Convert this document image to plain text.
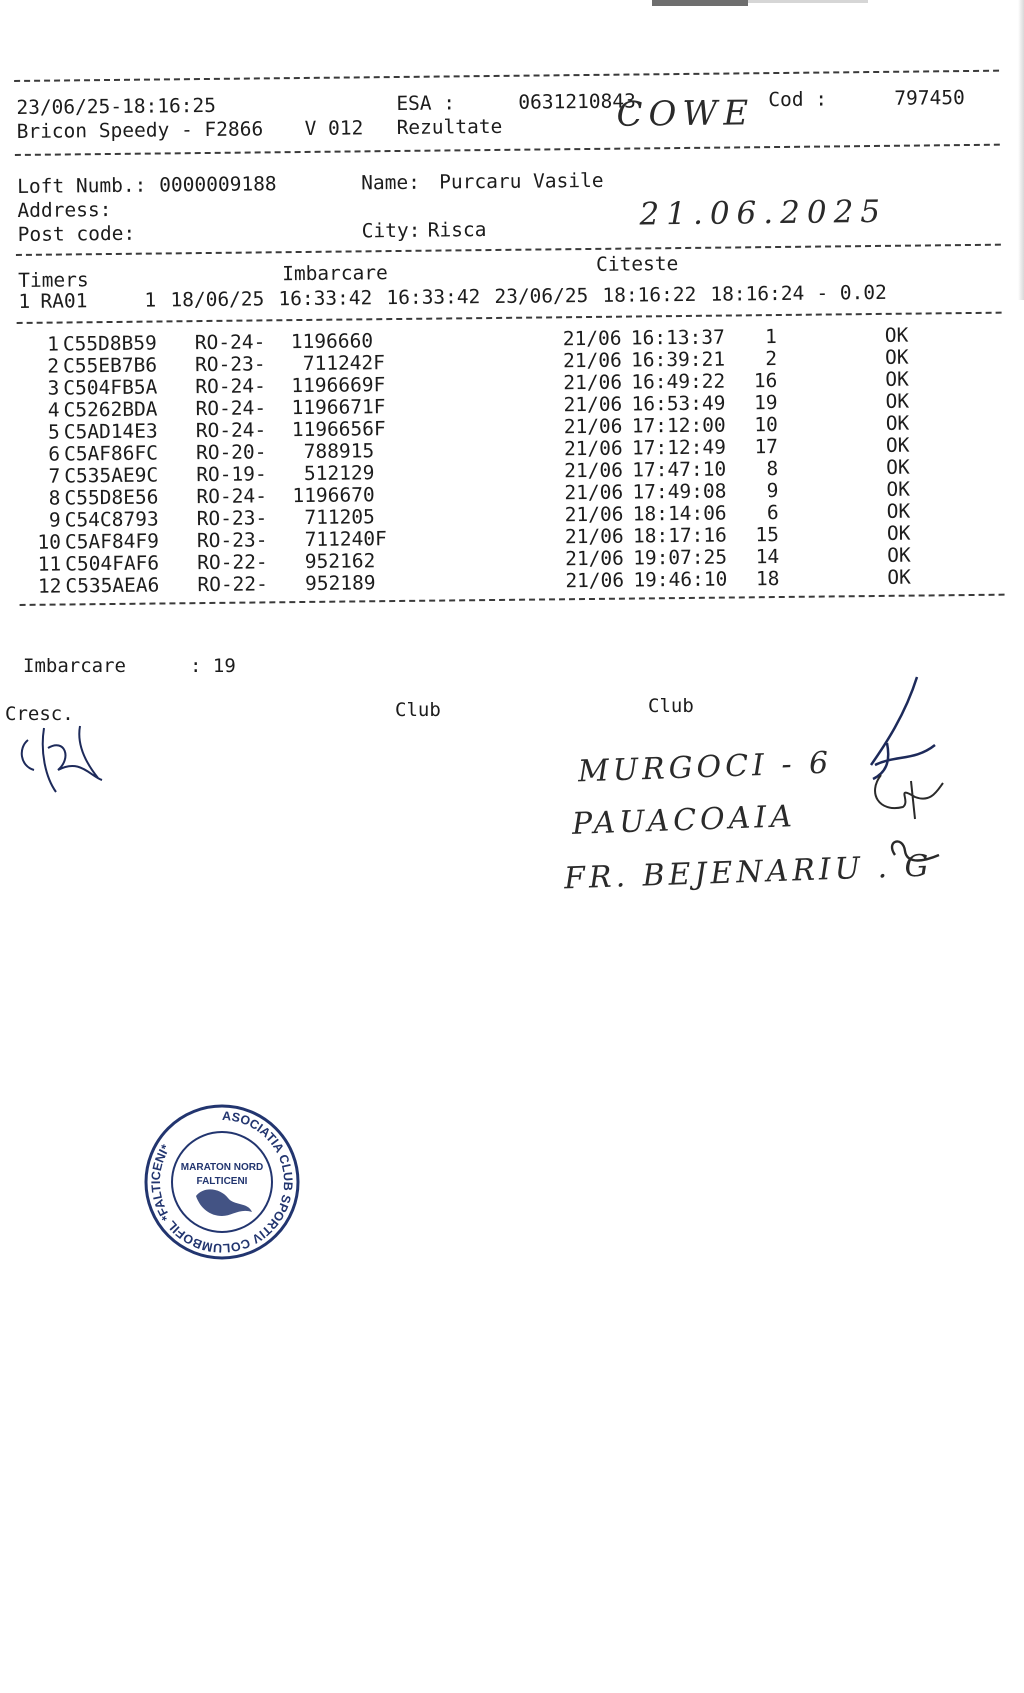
23/06/25-18:16:25	ESA :	0631210843	Cod :	797450
Bricon Speedy - F2866 V 012 Rezultate	COWE
Loft Numb.: 0000009188	Name: Purcaru Vasile
Address:
Post code:	City: Risca	21.06.2025
Citeste
Imbarcare
Timers
1 RA01	1 18/06/25 16:33:42 16:33:42 23/06/25 18:16:22 18:16:24 - 0.02
1 C55D8B59 RO-24- 1196660	21/06 16:13:37	1	OK
2 C55EB7B6 RO-23- 711242F	21/06 16:39:21	2	OK
3 C504FB5A RO-24- 1196669F	21/06 16:49:22	16	OK
4 C5262BDA RO-24- 1196671F	21/06 16:53:49	19	OK
5 C5AD14E3 RO-24- 1196656F	21/06 17:12:00	10	OK
6 C5AF86FC RO-20- 788915	21/06 17:12:49	17	OK
7 C535AE9C RO-19- 512129	21/06 17:47:10	8	OK
8 C55D8E56 RO-24- 1196670	21/06 17:49:08	9	OK
9 C54C8793 RO-23- 711205	21/06 18:14:06	6	OK
10 C5AF84F9 RO-23- 711240F	21/06 18:17:16	15	OK
11 C504FAF6 RO-22- 952162	21/06 19:07:25	14	OK
12 C535AEA6 RO-22- 952189	21/06 19:46:10	18	OK
Imbarcare	: 19
Cresc.	Club	Club
MURGOCI - 6
PAUACOAIA
FR. BEJENARIU . G
ASOCIATIA CLUB SPORTIV COLUMBOFIL *FALTICENI*
MARATON NORD
FALTICENI
